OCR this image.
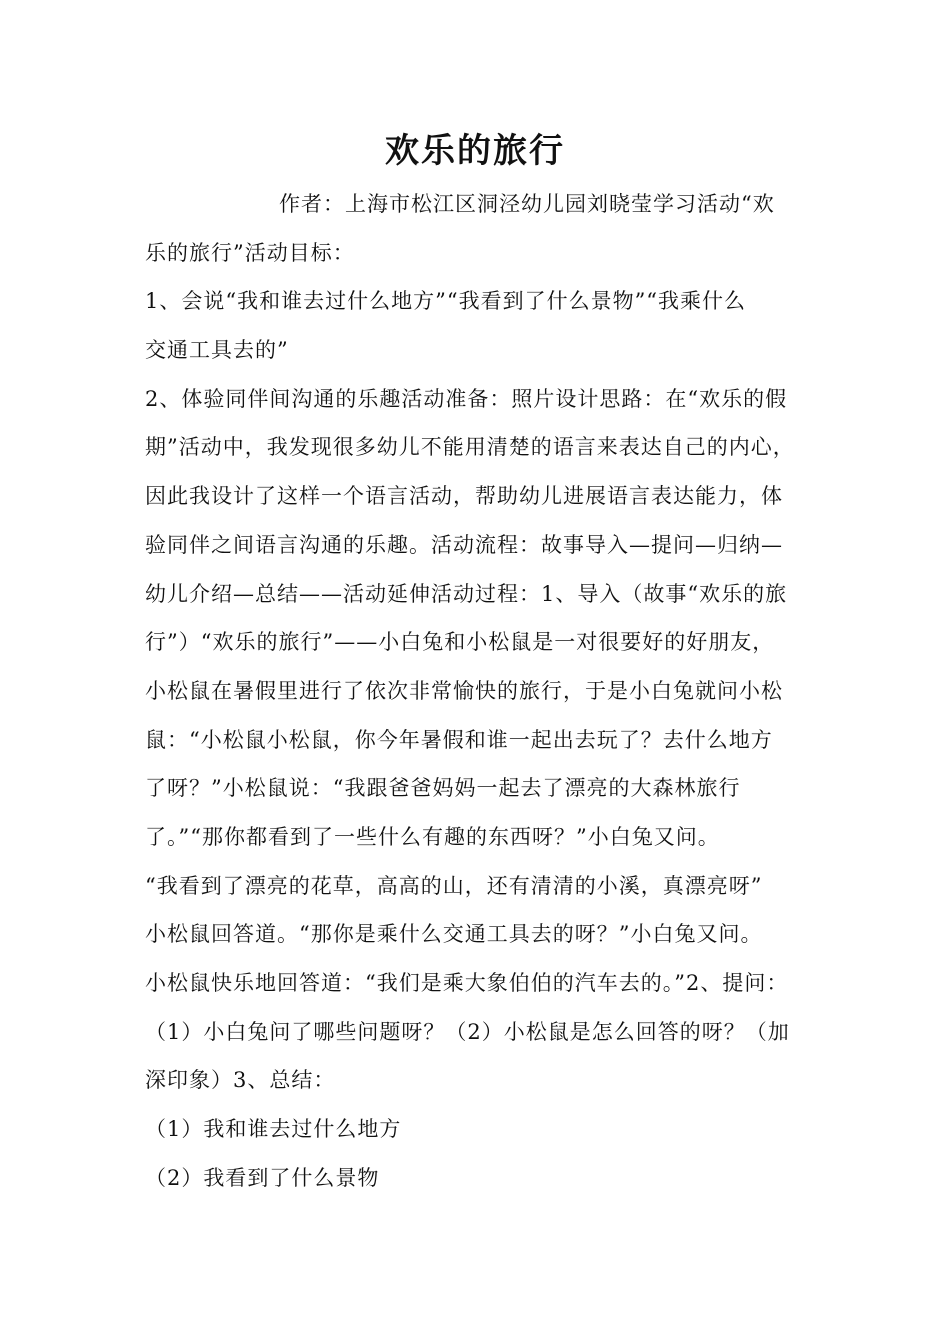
欢乐的旅行
作者：上海市松江区洞泾幼儿园刘晓莹学习活动“欢
乐的旅行”活动目标：
1、会说“我和谁去过什么地方”“我看到了什么景物”“我乘什么
交通工具去的”
2、体验同伴间沟通的乐趣活动准备：照片设计思路：在“欢乐的假
期”活动中，我发现很多幼儿不能用清楚的语言来表达自己的内心，
因此我设计了这样一个语言活动，帮助幼儿进展语言表达能力，体
验同伴之间语言沟通的乐趣。活动流程：故事导入—提问—归纳—
幼儿介绍—总结——活动延伸活动过程：1、导入（故事“欢乐的旅
行”）“欢乐的旅行”——小白兔和小松鼠是一对很要好的好朋友，
小松鼠在暑假里进行了依次非常愉快的旅行，于是小白兔就问小松
鼠：“小松鼠小松鼠，你今年暑假和谁一起出去玩了？去什么地方
了呀？”小松鼠说：“我跟爸爸妈妈一起去了漂亮的大森林旅行
了。”“那你都看到了一些什么有趣的东西呀？”小白兔又问。
“我看到了漂亮的花草，高高的山，还有清清的小溪，真漂亮呀”
小松鼠回答道。“那你是乘什么交通工具去的呀？”小白兔又问。
小松鼠快乐地回答道：“我们是乘大象伯伯的汽车去的。”2、提问：
（1）小白兔问了哪些问题呀？（2）小松鼠是怎么回答的呀？（加
深印象）3、总结：
（1）我和谁去过什么地方
（2）我看到了什么景物
